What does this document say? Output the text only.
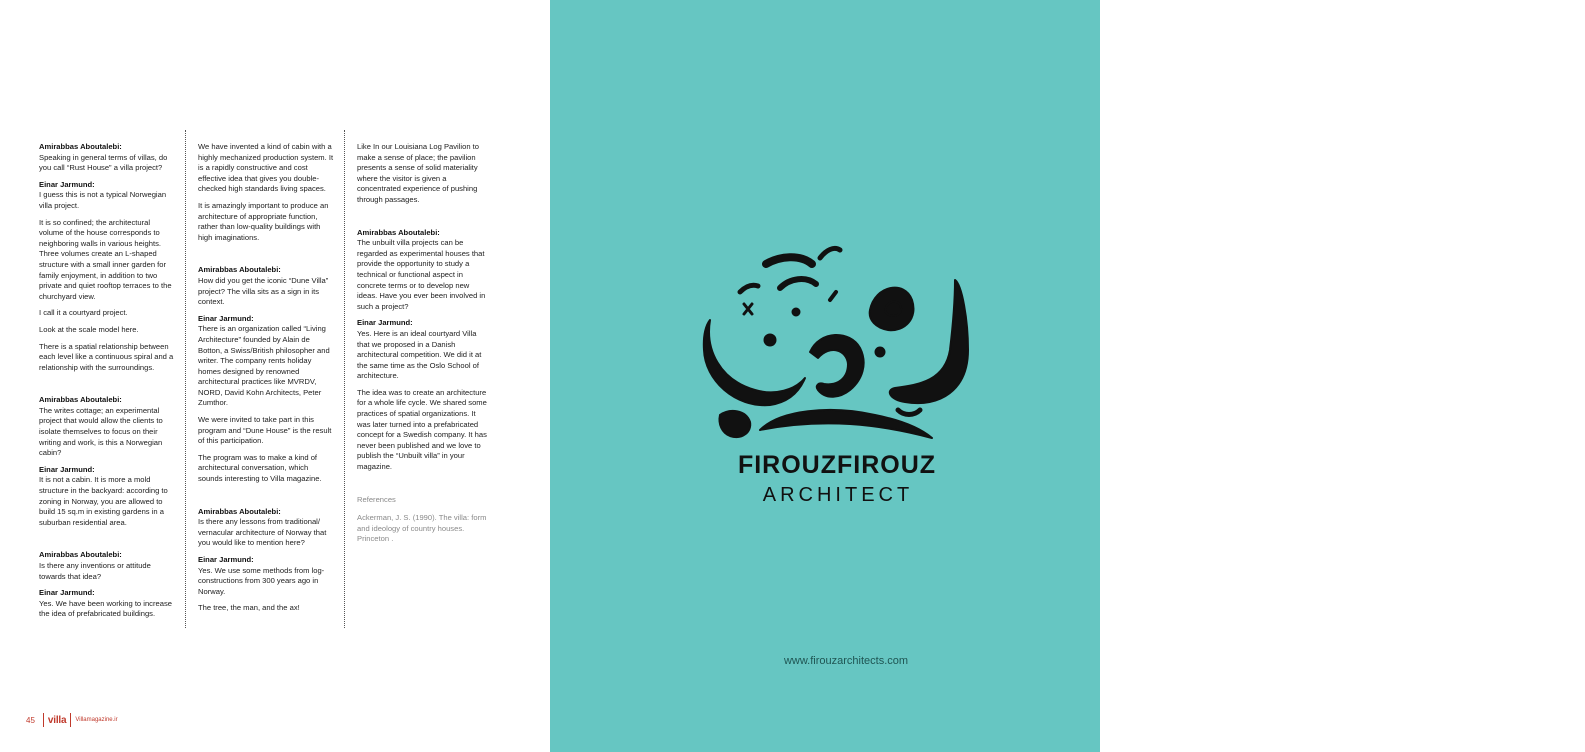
Amirabbas Aboutalebi:

Speaking in general terms of villas, do you call “Rust House” a villa project?

Einar Jarmund:

I guess this is not a typical Norwegian villa project.

It is so confined; the architectural volume of the house corresponds to neighboring walls in various heights. Three volumes create an L-shaped structure with a small inner garden for family enjoyment, in addition to two private and quiet rooftop terraces to the churchyard view.

I call it a courtyard project.

Look at the scale model here.

There is a spatial relationship between each level like a continuous spiral and a relationship with the surroundings.

Amirabbas Aboutalebi:

The writes cottage; an experimental project that would allow the clients to isolate themselves to focus on their writing and work, is this a Norwegian cabin?

Einar Jarmund:

It is not a cabin. It is more a mold structure in the backyard: according to zoning in Norway, you are allowed to build 15 sq.m in existing gardens in a suburban residential area.

Amirabbas Aboutalebi:

Is there any inventions or attitude towards that idea?

Einar Jarmund:

Yes. We have been working to increase the idea of prefabricated buildings.

We have invented a kind of cabin with a highly mechanized production system. It is a rapidly constructive and cost effective idea that gives you double-checked high standards living spaces.

It is amazingly important to produce an architecture of appropriate function, rather than low-quality buildings with high imaginations.

Amirabbas Aboutalebi:

How did you get the iconic “Dune Villa” project? The villa sits as a sign in its context.

Einar Jarmund:

There is an organization called “Living Architecture” founded by Alain de Botton, a Swiss/British philosopher and writer. The company rents holiday homes designed by renowned architectural practices like MVRDV, NORD, David Kohn Architects, Peter Zumthor.

We were invited to take part in this program and “Dune House” is the result of this participation.

The program was to make a kind of architectural conversation, which sounds interesting to Villa magazine.

Amirabbas Aboutalebi:

Is there any lessons from traditional/ vernacular architecture of Norway that you would like to mention here?

Einar Jarmund:

Yes. We use some methods from log-constructions from 300 years ago in Norway.

The tree, the man, and the ax!

Like In our Louisiana Log Pavilion to make a sense of place; the pavilion presents a sense of solid materiality where the visitor is given a concentrated experience of pushing through passages.

Amirabbas Aboutalebi:

The unbuilt villa projects can be regarded as experimental houses that provide the opportunity to study a technical or functional aspect in concrete terms or to develop new ideas. Have you ever been involved in such a project?

Einar Jarmund:

Yes. Here is an ideal courtyard Villa that we proposed in a Danish architectural competition. We did it at the same time as the Oslo School of architecture.

The idea was to create an architecture for a whole life cycle. We shared some practices of spatial organizations. It was later turned into a prefabricated concept for a Swedish company. It has never been published and we love to publish the “Unbuilt villa” in your magazine.

References

Ackerman, J. S. (1990). The villa: form and ideology of country houses. Princeton .

45 villa Villamagazine.ir
ماهنامه تخصصی معماری
46
FIROUZFIROUZ
ARCHITECT
www.firouzarchitects.com
